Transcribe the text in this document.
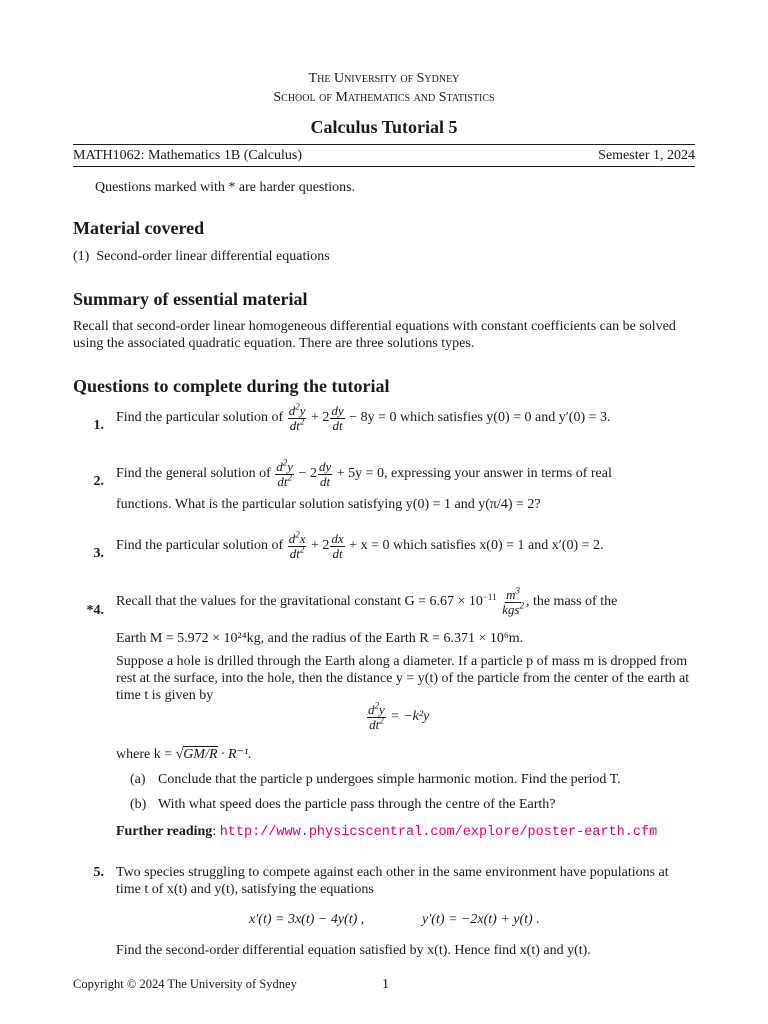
The University of Sydney
School of Mathematics and Statistics
Calculus Tutorial 5
MATH1062: Mathematics 1B (Calculus)	Semester 1, 2024
Questions marked with * are harder questions.
Material covered
(1) Second-order linear differential equations
Summary of essential material
Recall that second-order linear homogeneous differential equations with constant coefficients can be solved using the associated quadratic equation. There are three solutions types.
Questions to complete during the tutorial
1.
Find the particular solution of
$\frac{d^2y}{dt^2} + 2 \frac{dy}{dt}$
− 8y = 0 which satisfies y(0) = 0 and y′(0) = 3.
2.
Find the general solution of
$\frac{d^2y}{dt^2} - 2 \frac{dy}{dt}$
+ 5y = 0, expressing your answer in terms of real
functions. What is the particular solution satisfying y(0) = 1 and y(π/4) = 2?
3.
Find the particular solution of
$\frac{d^2x}{dt^2} + 2 \frac{dx}{dt}$
+ x = 0 which satisfies x(0) = 1 and x′(0) = 2.
*4.
Recall that the values for the gravitational constant G = 6.67 × 10 −11
$\frac{m^3}{kgs^2}$ , the mass of the
Earth M = 5.972 × 10²⁴kg, and the radius of the Earth R = 6.371 × 10⁶m.
Suppose a hole is drilled through the Earth along a diameter. If a particle p of mass m is dropped from rest at the surface, into the hole, then the distance y = y(t) of the particle from the center of the earth at time t is given by
$\frac{d^2y}{dt^2}$
= −k²y
where k = √GM/R · R⁻¹.
(a) Conclude that the particle p undergoes simple harmonic motion. Find the period T.
(b) With what speed does the particle pass through the centre of the Earth?
Further reading: http://www.physicscentral.com/explore/poster-earth.cfm
5. Two species struggling to compete against each other in the same environment have populations at time t of x(t) and y(t), satisfying the equations
x′(t) = 3x(t) − 4y(t) ,	y′(t) = −2x(t) + y(t) .
Find the second-order differential equation satisfied by x(t). Hence find x(t) and y(t).
Copyright © 2024 The University of Sydney	1
